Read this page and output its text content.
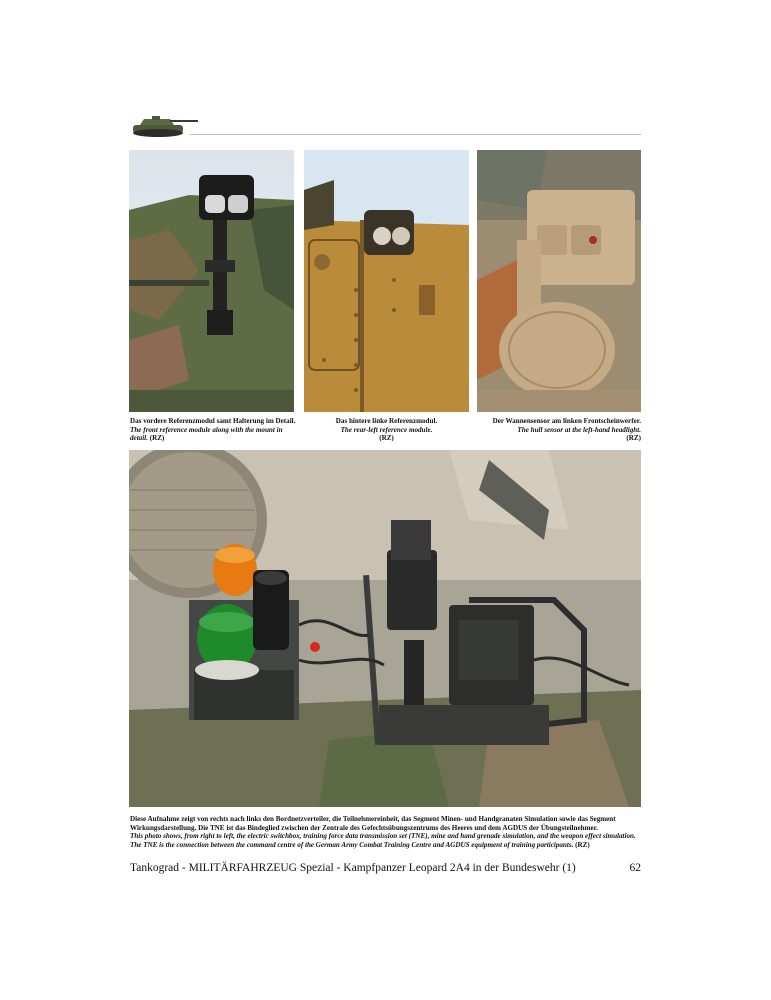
Das vordere Referenzmodul samt Halterung im Detail.
The front reference module along with the mount in detail. (RZ)
Das hintere linke Referenzmodul.
The rear-left reference module.
(RZ)
Der Wannensensor am linken Frontscheinwerfer.
The hull sensor at the left-hand headlight.
(RZ)
Diese Aufnahme zeigt von rechts nach links den Bordnetzverteiler, die Teilnehmereinheit, das Segment Minen- und Handgranaten Simulation sowie das Segment Wirkungsdarstellung. Die TNE ist das Bindeglied zwischen der Zentrale des Gefechtsübungszentrums des Heeres und dem AGDUS der Übungsteilnehmer.
This photo shows, from right to left, the electric switchbox, training force data transmission set (TNE), mine and hand grenade simulation, and the weapon effect simulation. The TNE is the connection between the command centre of the German Army Combat Training Centre and AGDUS equipment of training participants. (RZ)
Tankograd - MILITÄRFAHRZEUG Spezial - Kampfpanzer Leopard 2A4 in der Bundeswehr (1)	62
